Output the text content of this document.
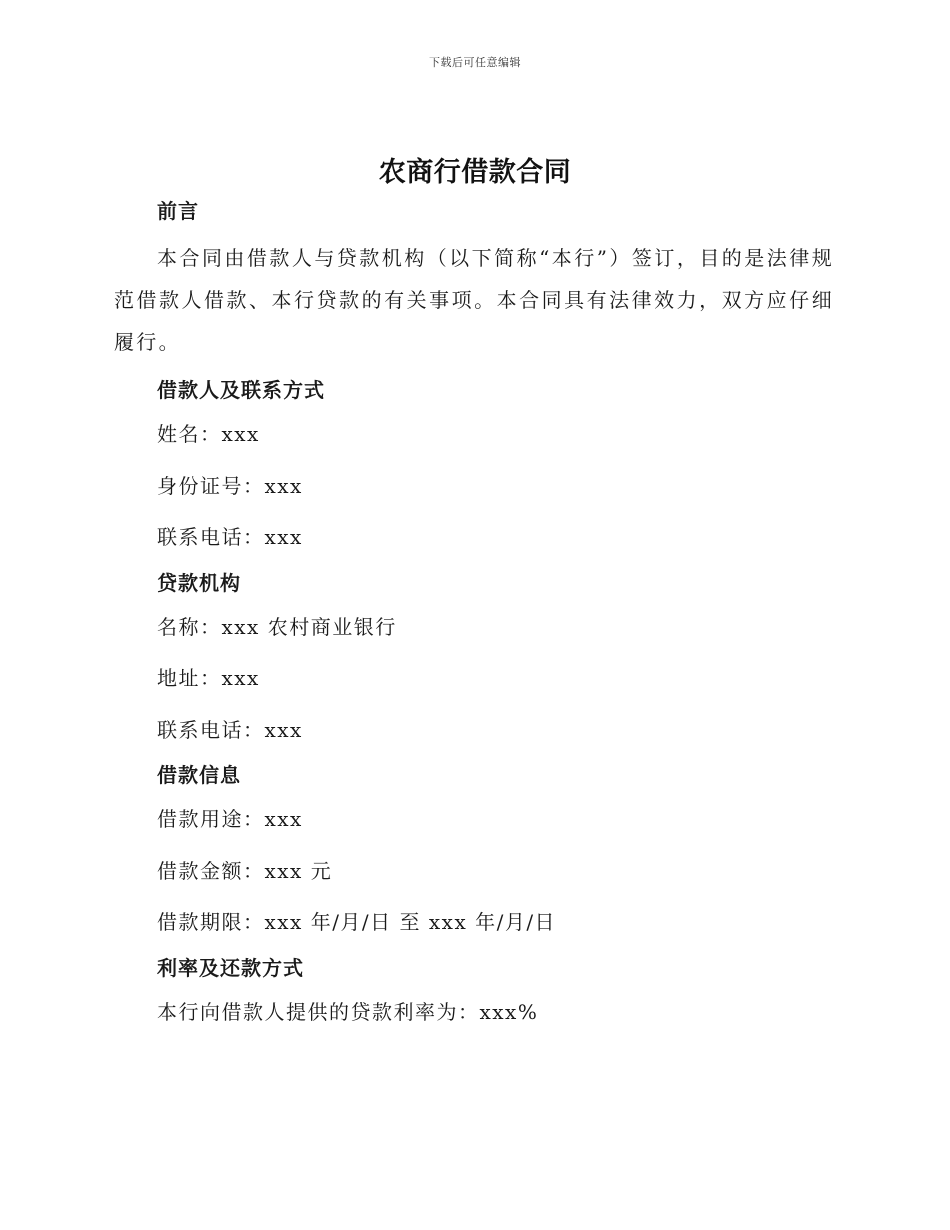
下载后可任意编辑
农商行借款合同
前言
本合同由借款人与贷款机构（以下简称“本行”）签订，目的是法律规范借款人借款、本行贷款的有关事项。本合同具有法律效力，双方应仔细履行。
借款人及联系方式
姓名：xxx
身份证号：xxx
联系电话：xxx
贷款机构
名称：xxx 农村商业银行
地址：xxx
联系电话：xxx
借款信息
借款用途：xxx
借款金额：xxx 元
借款期限：xxx 年/月/日 至 xxx 年/月/日
利率及还款方式
本行向借款人提供的贷款利率为：xxx%
